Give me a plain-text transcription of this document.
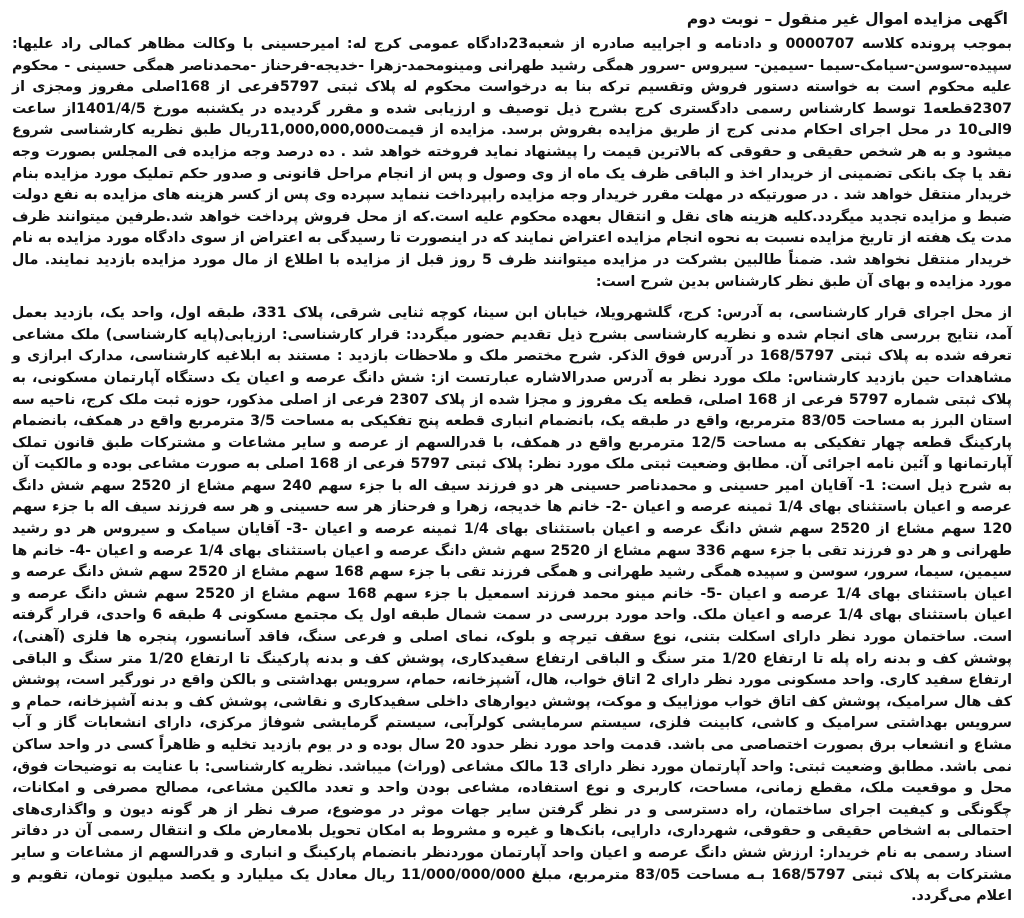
اگهی مزایده اموال غیر منقول – نوبت دوم

بموجب پرونده کلاسه 0000707 و دادنامه و اجراییه صادره از شعبه23دادگاه عمومی کرج له: امیرحسینی با وکالت مظاهر کمالی راد علیها: سپیده-سوسن-سیامک-سیما -سیمین- سیروس -سرور همگی رشید طهرانی ومینومحمد-زهرا -خدیجه-فرحناز -محمدناصر همگی حسینی - محکوم علیه محکوم است به خواسته دستور فروش وتقسیم ترکه بنا به درخواست محکوم له پلاک ثبتی 5797فرعی از 168اصلی مفروز ومجزی از 2307قطعه1 توسط کارشناس رسمی دادگستری کرج بشرح ذیل توصیف و ارزیابی شده و مقرر گردیده در یکشنبه مورخ 1401/4/5از ساعت 9الی10 در محل اجرای احکام مدنی کرج از طریق مزایده بفروش برسد. مزایده از قیمت11,000,000,000ریال طبق نظریه کارشناسی شروع میشود و به هر شخص حقیقی و حقوقی که بالاترین قیمت را پیشنهاد نماید فروخته خواهد شد . ده درصد وجه مزایده فی المجلس بصورت وجه نقد یا چک بانکی تضمینی از خریدار اخذ و الباقی ظرف یک ماه از وی وصول و پس از انجام مراحل قانونی و صدور حکم تملیک مورد مزایده بنام خریدار منتقل خواهد شد . در صورتیکه در مهلت مقرر خریدار وجه مزایده رابپرداخت ننماید سپرده وی پس از کسر هزینه های مزایده به نفع دولت ضبط و مزایده تجدید میگردد.کلیه هزینه های نقل و انتقال بعهده محکوم علیه است.که از محل فروش پرداخت خواهد شد.طرفین میتوانند ظرف مدت یک هفته از تاریخ مزایده نسبت به نحوه انجام مزایده اعتراض نمایند که در اینصورت تا رسیدگی به اعتراض از سوی دادگاه مورد مزایده به نام خریدار منتقل نخواهد شد. ضمناً طالبین بشرکت در مزایده میتوانند ظرف 5 روز قبل از مزایده با اطلاع از مال مورد مزایده بازدید نمایند. مال مورد مزایده و بهای آن طبق نظر کارشناس بدین شرح است:

از محل اجرای قرار کارشناسی، به آدرس: کرج، گلشهرویلا، خیابان ابن سینا، کوچه ثنایی شرقی، پلاک 331، طبقه اول، واحد یک، بازدید بعمل آمد، نتایج بررسی های انجام شده و نظریه کارشناسی بشرح ذیل تقدیم حضور میگردد: قرار کارشناسی: ارزیابی(پایه کارشناسی) ملک مشاعی تعرفه شده به پلاک ثبتی 168/5797 در آدرس فوق الذکر. شرح مختصر ملک و ملاحظات بازدید : مستند به ابلاغیه کارشناسی، مدارک ابرازی و مشاهدات حین بازدید کارشناس: ملک مورد نظر به آدرس صدرالاشاره عبارتست از: شش دانگ عرصه و اعیان یک دستگاه آپارتمان مسکونی، به پلاک ثبتی شماره 5797 فرعی از 168 اصلی، قطعه یک مفروز و مجزا شده از پلاک 2307 فرعی از اصلی مذکور، حوزه ثبت ملک کرج، ناحیه سه استان البرز به مساحت 83/05 مترمربع، واقع در طبقه یک، بانضمام انباری قطعه پنج تفکیکی به مساحت 3/5 مترمربع واقع در همکف، بانضمام پارکینگ قطعه چهار تفکیکی به مساحت 12/5 مترمربع واقع در همکف، با قدرالسهم از عرصه و سایر مشاعات و مشترکات طبق قانون تملک آپارتمانها و آئین نامه اجرائی آن. مطابق وضعیت ثبتی ملک مورد نظر: پلاک ثبتی 5797 فرعی از 168 اصلی به صورت مشاعی بوده و مالکیت آن به شرح ذیل است: 1- آقایان امیر حسینی و محمدناصر حسینی هر دو فرزند سیف اله با جزء سهم 240 سهم مشاع از 2520 سهم شش دانگ عرصه و اعیان باستثنای بهای 1/4 ثمینه عرصه و اعیان -2- خانم ها خدیجه، زهرا و فرحناز هر سه حسینی و هر سه فرزند سیف اله با جزء سهم 120 سهم مشاع از 2520 سهم شش دانگ عرصه و اعیان باستثنای بهای 1/4 ثمینه عرصه و اعیان -3- آقایان سیامک و سیروس هر دو رشید طهرانی و هر دو فرزند تقی با جزء سهم 336 سهم مشاع از 2520 سهم شش دانگ عرصه و اعیان باستثنای بهای 1/4 عرصه و اعیان -4- خانم ها سیمین، سیما، سرور، سوسن و سپیده همگی رشید طهرانی و همگی فرزند تقی با جزء سهم 168 سهم مشاع از 2520 سهم شش دانگ عرصه و اعیان باستثنای بهای 1/4 عرصه و اعیان -5- خانم مینو محمد فرزند اسمعیل با جزء سهم 168 سهم مشاع از 2520 سهم شش دانگ عرصه و اعیان باستثنای بهای 1/4 عرصه و اعیان ملک. واحد مورد بررسی در سمت شمال طبقه اول یک مجتمع مسکونی 4 طبقه 6 واحدی، قرار گرفته است. ساختمان مورد نظر دارای اسکلت بتنی، نوع سقف تیرچه و بلوک، نمای اصلی و فرعی سنگ، فاقد آسانسور، پنجره ها فلزی (آهنی)، پوشش کف و بدنه راه پله تا ارتفاع 1/20 متر سنگ و الباقی ارتفاع سفیدکاری، پوشش کف و بدنه پارکینگ تا ارتفاع 1/20 متر سنگ و الباقی ارتفاع سفید کاری. واحد مسکونی مورد نظر دارای 2 اتاق خواب، هال، آشپزخانه، حمام، سرویس بهداشتی و بالکن واقع در نورگیر است، پوشش کف هال سرامیک، پوشش کف اتاق خواب موزاییک و موکت، پوشش دیوارهای داخلی سفیدکاری و نقاشی، پوشش کف و بدنه آشپزخانه، حمام و سرویس بهداشتی سرامیک و کاشی، کابینت فلزی، سیستم سرمایشی کولرآبی، سیستم گرمایشی شوفاژ مرکزی، دارای انشعابات گاز و آب مشاع و انشعاب برق بصورت اختصاصی می باشد. قدمت واحد مورد نظر حدود 20 سال بوده و در یوم بازدید تخلیه و ظاهراً کسی در واحد ساکن نمی باشد. مطابق وضعیت ثبتی: واحد آپارتمان مورد نظر دارای 13 مالک مشاعی (وراث) میباشد. نظریه کارشناسی: با عنایت به توضیحات فوق، محل و موقعیت ملک، مقطع زمانی، مساحت، کاربری و نوع استفاده، مشاعی بودن واحد و تعدد مالکین مشاعی، مصالح مصرفی و امکانات، چگونگی و کیفیت اجرای ساختمان، راه دسترسی و در نظر گرفتن سایر جهات موثر در موضوع، صرف نظر از هر گونه دیون و واگذاری‌های احتمالی به اشخاص حقیقی و حقوقی، شهرداری، دارایی، بانک‌ها و غیره و مشروط به امکان تحویل بلامعارض ملک و انتقال رسمی آن در دفاتر اسناد رسمی به نام خریدار: ارزش شش دانگ عرصه و اعیان واحد آپارتمان موردنظر بانضمام پارکینگ و انباری و قدرالسهم از مشاعات و سایر مشترکات به پلاک ثبتی 168/5797 بـه مساحت 83/05 مترمربع، مبلغ 11/000/000/000 ریال معادل یک میلیارد و یکصد میلیون تومان، تقویم و اعلام می‌گردد.
